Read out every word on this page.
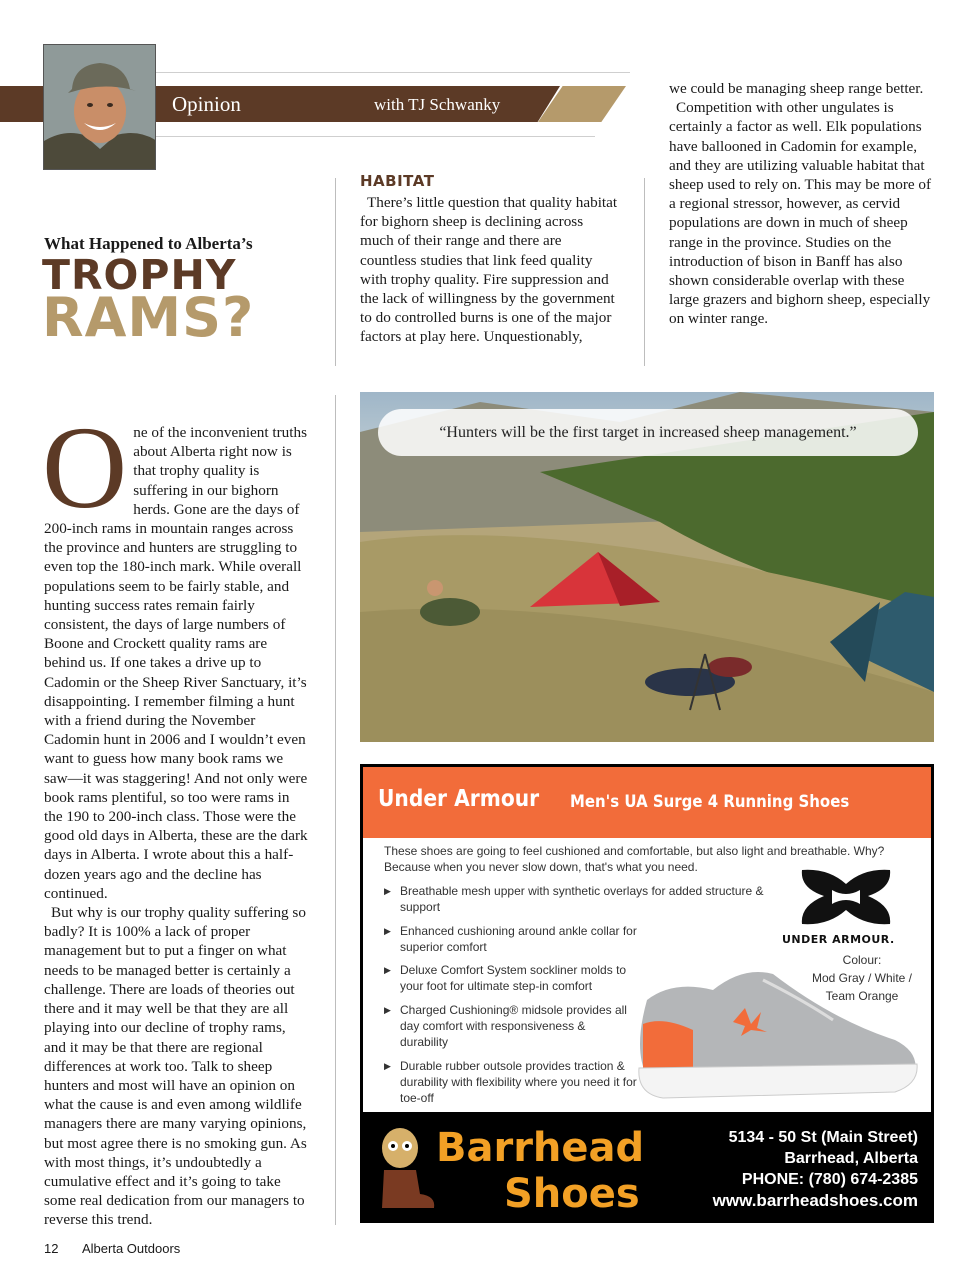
Opinion	with TJ Schwanky
What Happened to Alberta’s
TROPHY
RAMS?
O ne of the inconvenient truths about Alberta right now is that trophy quality is suffering in our bighorn herds. Gone are the days of 200-inch rams in mountain ranges across the province and hunters are struggling to even top the 180-inch mark. While overall populations seem to be fairly stable, and hunting success rates remain fairly consistent, the days of large numbers of Boone and Crockett quality rams are behind us. If one takes a drive up to Cadomin or the Sheep River Sanctuary, it’s disappointing. I remember filming a hunt with a friend during the November Cadomin hunt in 2006 and I wouldn’t even want to guess how many book rams we saw—it was staggering! And not only were book rams plentiful, so too were rams in the 190 to 200-inch class. Those were the good old days in Alberta, these are the dark days in Alberta. I wrote about this a half-dozen years ago and the decline has continued.

But why is our trophy quality suffering so badly? It is 100% a lack of proper management but to put a finger on what needs to be managed better is certainly a challenge. There are loads of theories out there and it may well be that they are all playing into our decline of trophy rams, and it may be that there are regional differences at work too. Talk to sheep hunters and most will have an opinion on what the cause is and even among wildlife managers there are many varying opinions, but most agree there is no smoking gun. As with most things, it’s undoubtedly a cumulative effect and it’s going to take some real dedication from our managers to reverse this trend.

HABITAT

There’s little question that quality habitat for bighorn sheep is declining across much of their range and there are countless studies that link feed quality with trophy quality. Fire suppression and the lack of willingness by the government to do controlled burns is one of the major factors at play here. Unquestionably,

we could be managing sheep range better.

Competition with other ungulates is certainly a factor as well. Elk populations have ballooned in Cadomin for example, and they are utilizing valuable habitat that sheep used to rely on. This may be more of a regional stressor, however, as cervid populations are down in much of sheep range in the province. Studies on the introduction of bison in Banff has also shown considerable overlap with these large grazers and bighorn sheep, especially on winter range.

“Hunters will be the first target in increased sheep management.”
Under Armour Men's UA Surge 4 Running Shoes
These shoes are going to feel cushioned and comfortable, but also light and breathable. Why? Because when you never slow down, that's what you need.
▶ Breathable mesh upper with synthetic overlays for added structure & support
▶ Enhanced cushioning around ankle collar for superior comfort
▶ Deluxe Comfort System sockliner molds to your foot for ultimate step-in comfort
▶ Charged Cushioning® midsole provides all day comfort with responsiveness & durability
▶ Durable rubber outsole provides traction & durability with flexibility where you need it for toe-off
UNDER ARMOUR.
Colour:
Mod Gray / White / Team Orange
Barrhead
Shoes
5134 - 50 St (Main Street)
Barrhead, Alberta
PHONE: (780) 674-2385
www.barrheadshoes.com
12 Alberta Outdoors
